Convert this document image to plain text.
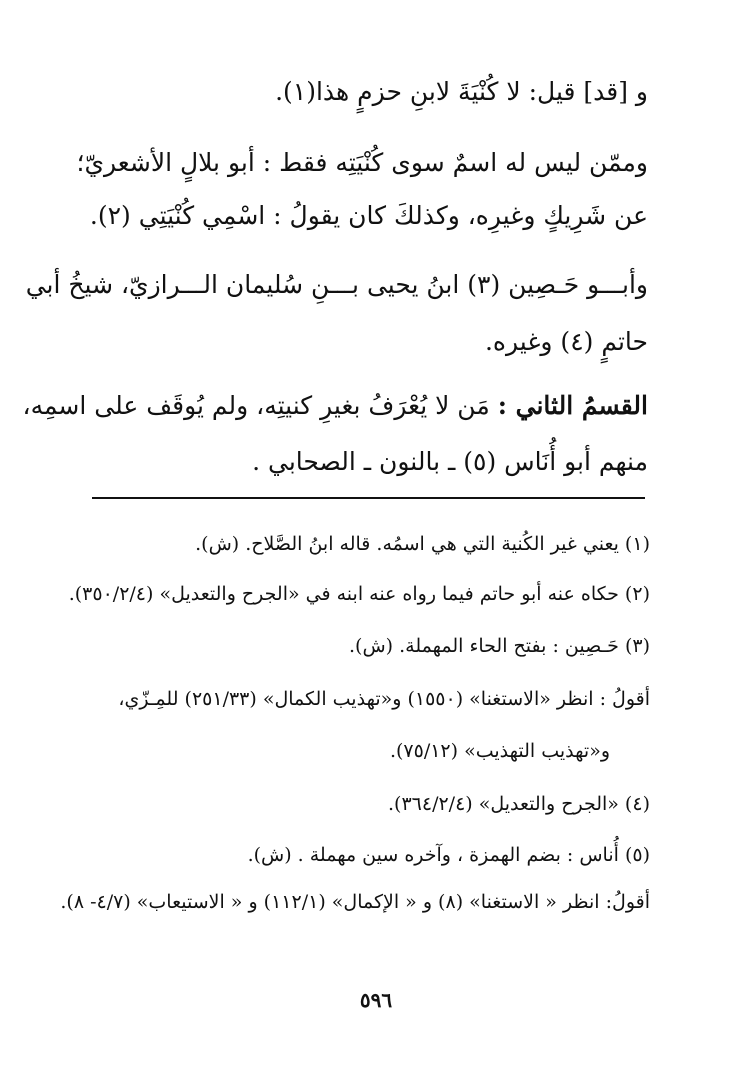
و [قد] قيل: لا كُنْيَةَ لابنِ حزمٍ هذا(١).
وممّن ليس له اسمٌ سوى كُنْيَتِه فقط : أبو بلالٍ الأشعريّ؛
عن شَرِيكٍ وغيرِه، وكذلكَ كان يقولُ : اسْمِي كُنْيَتِي (٢).
وأبـــو حَـصِين (٣) ابنُ يحيى بـــنِ سُليمان الـــرازيّ، شيخُ أبي
حاتمٍ (٤) وغيره.
القسمُ الثاني : مَن لا يُعْرَفُ بغيرِ كنيتِه، ولم يُوقَف على اسمِه،
منهم أبو أُنَاس (٥) ـ بالنون ـ الصحابي .
(١) يعني غير الكُنية التي هي اسمُه. قاله ابنُ الصَّلاح. (ش).
(٢) حكاه عنه أبو حاتم فيما رواه عنه ابنه في «الجرح والتعديل» (٣٥٠/٢/٤).
(٣) حَـصِين : بفتح الحاء المهملة. (ش).
أقولُ : انظر «الاستغنا» (١٥٥٠) و«تهذيب الكمال» (٢٥١/٣٣) للمِـزّي،
و«تهذيب التهذيب» (٧٥/١٢).
(٤) «الجرح والتعديل» (٣٦٤/٢/٤).
(٥) أُناس : بضم الهمزة ، وآخره سين مهملة . (ش).
أقولُ: انظر « الاستغنا» (٨) و « الإكمال» (١١٢/١) و « الاستيعاب» (٤/٧- ٨).
٥٩٦
